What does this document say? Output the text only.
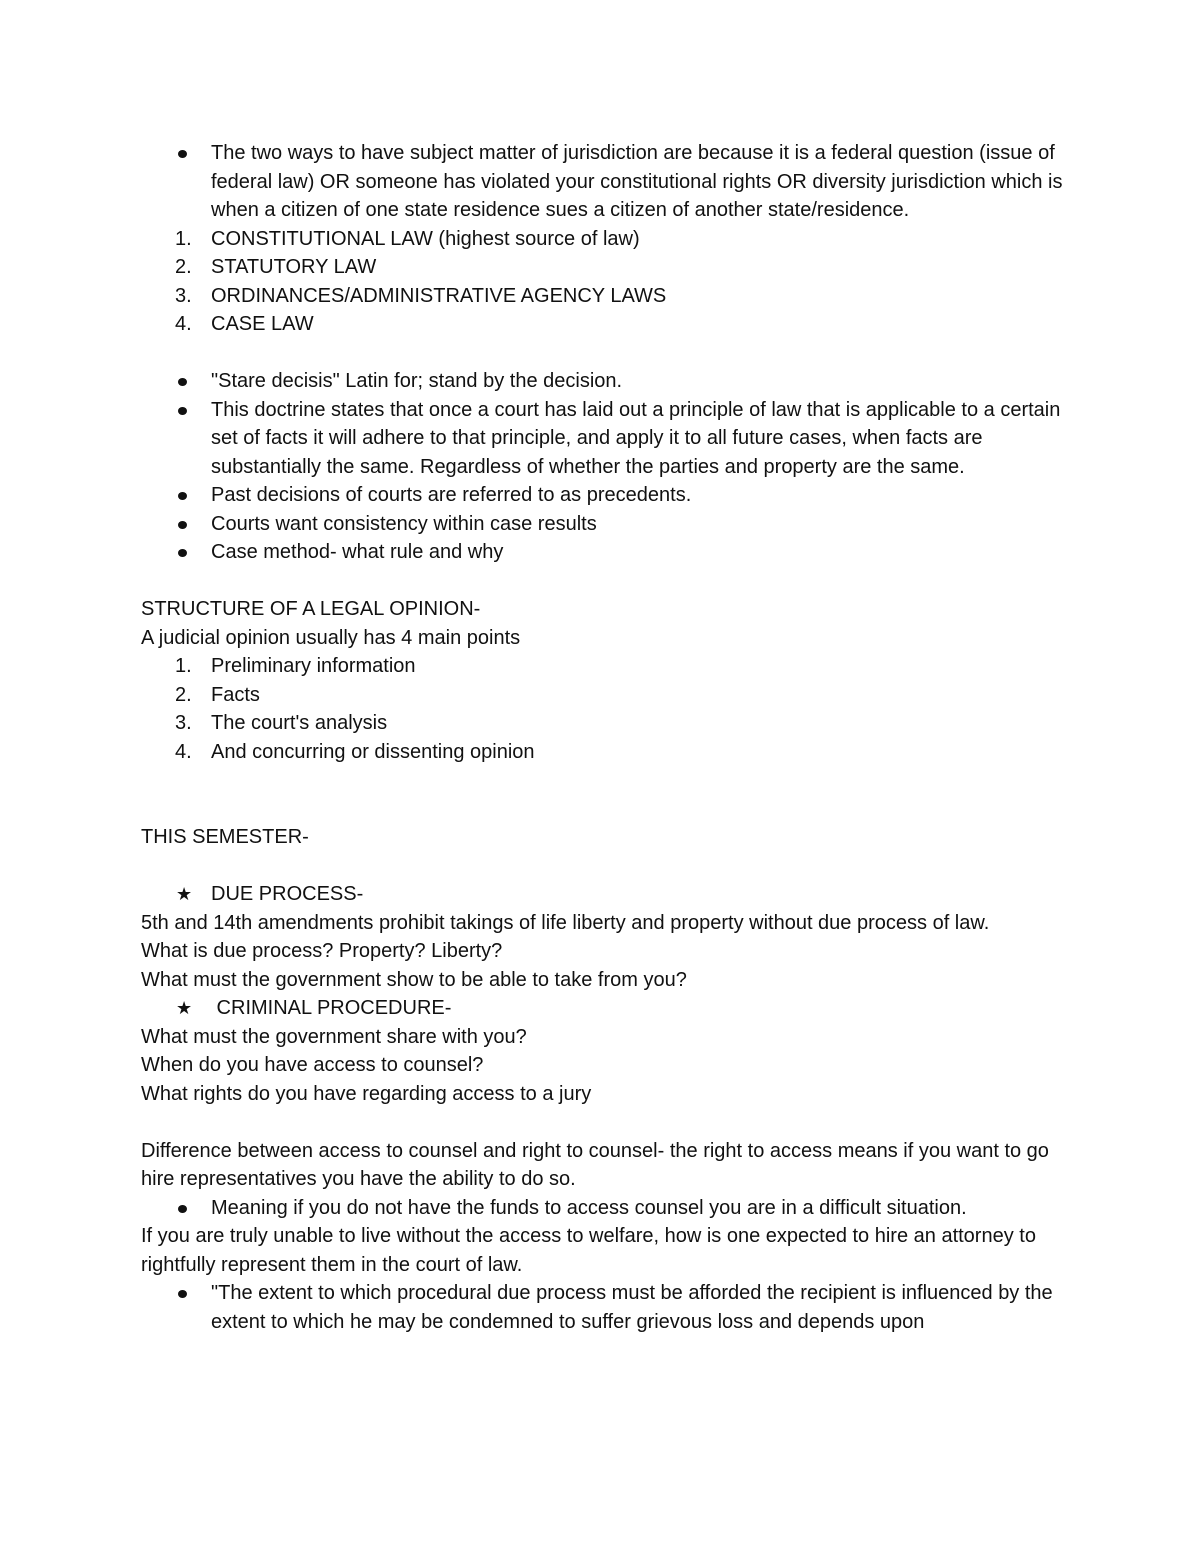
The two ways to have subject matter of jurisdiction are because it is a federal question (issue of federal law) OR someone has violated your constitutional rights OR diversity jurisdiction which is when a citizen of one state residence sues a citizen of another state/residence.
1. CONSTITUTIONAL LAW (highest source of law)
2. STATUTORY LAW
3. ORDINANCES/ADMINISTRATIVE AGENCY LAWS
4. CASE LAW
"Stare decisis" Latin for; stand by the decision.
This doctrine states that once a court has laid out a principle of law that is applicable to a certain set of facts it will adhere to that principle, and apply it to all future cases, when facts are substantially the same. Regardless of whether the parties and property are the same.
Past decisions of courts are referred to as precedents.
Courts want consistency within case results
Case method- what rule and why
STRUCTURE OF A LEGAL OPINION-
A judicial opinion usually has 4 main points
1. Preliminary information
2. Facts
3. The court's analysis
4. And concurring or dissenting opinion
THIS SEMESTER-
★ DUE PROCESS-
5th and 14th amendments prohibit takings of life liberty and property without due process of law.
What is due process? Property? Liberty?
What must the government show to be able to take from you?
★ CRIMINAL PROCEDURE-
What must the government share with you?
When do you have access to counsel?
What rights do you have regarding access to a jury
Difference between access to counsel and right to counsel- the right to access means if you want to go hire representatives you have the ability to do so.
Meaning if you do not have the funds to access counsel you are in a difficult situation.
If you are truly unable to live without the access to welfare, how is one expected to hire an attorney to rightfully represent them in the court of law.
"The extent to which procedural due process must be afforded the recipient is influenced by the extent to which he may be condemned to suffer grievous loss and depends upon
